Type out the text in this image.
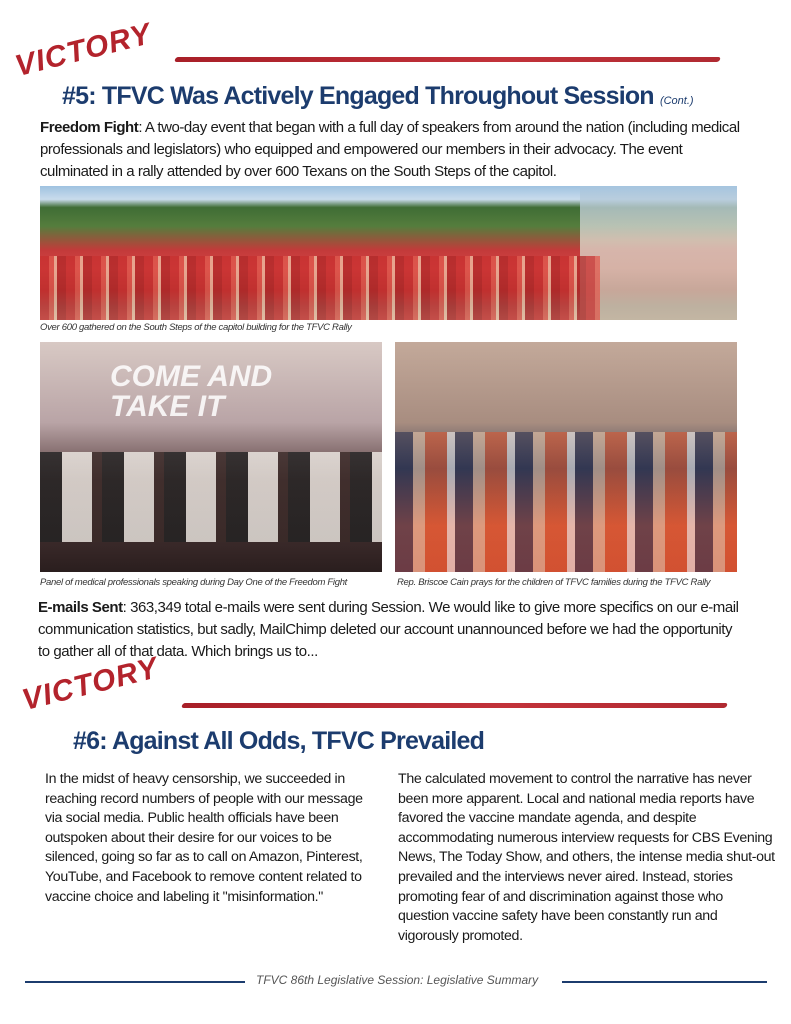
VICTORY
#5: TFVC Was Actively Engaged Throughout Session (Cont.)
Freedom Fight: A two-day event that began with a full day of speakers from around the nation (including medical professionals and legislators) who equipped and empowered our members in their advocacy. The event culminated in a rally attended by over 600 Texans on the South Steps of the capitol.
Over 600 gathered on the South Steps of the capitol building for the TFVC Rally
COME AND TAKE IT
Panel of medical professionals speaking during Day One of the Freedom Fight	Rep. Briscoe Cain prays for the children of TFVC families during the TFVC Rally
E-mails Sent: 363,349 total e-mails were sent during Session. We would like to give more specifics on our e-mail communication statistics, but sadly, MailChimp deleted our account unannounced before we had the opportunity to gather all of that data. Which brings us to...
VICTORY
#6: Against All Odds, TFVC Prevailed
In the midst of heavy censorship, we succeeded in reaching record numbers of people with our message via social media. Public health officials have been outspoken about their desire for our voices to be silenced, going so far as to call on Amazon, Pinterest, YouTube, and Facebook to remove content related to vaccine choice and labeling it "misinformation."
The calculated movement to control the narrative has never been more apparent. Local and national media reports have favored the vaccine mandate agenda, and despite accommodating numerous interview requests for CBS Evening News, The Today Show, and others, the intense media shut-out prevailed and the interviews never aired. Instead, stories promoting fear of and discrimination against those who question vaccine safety have been constantly run and vigorously promoted.
TFVC 86th Legislative Session: Legislative Summary
